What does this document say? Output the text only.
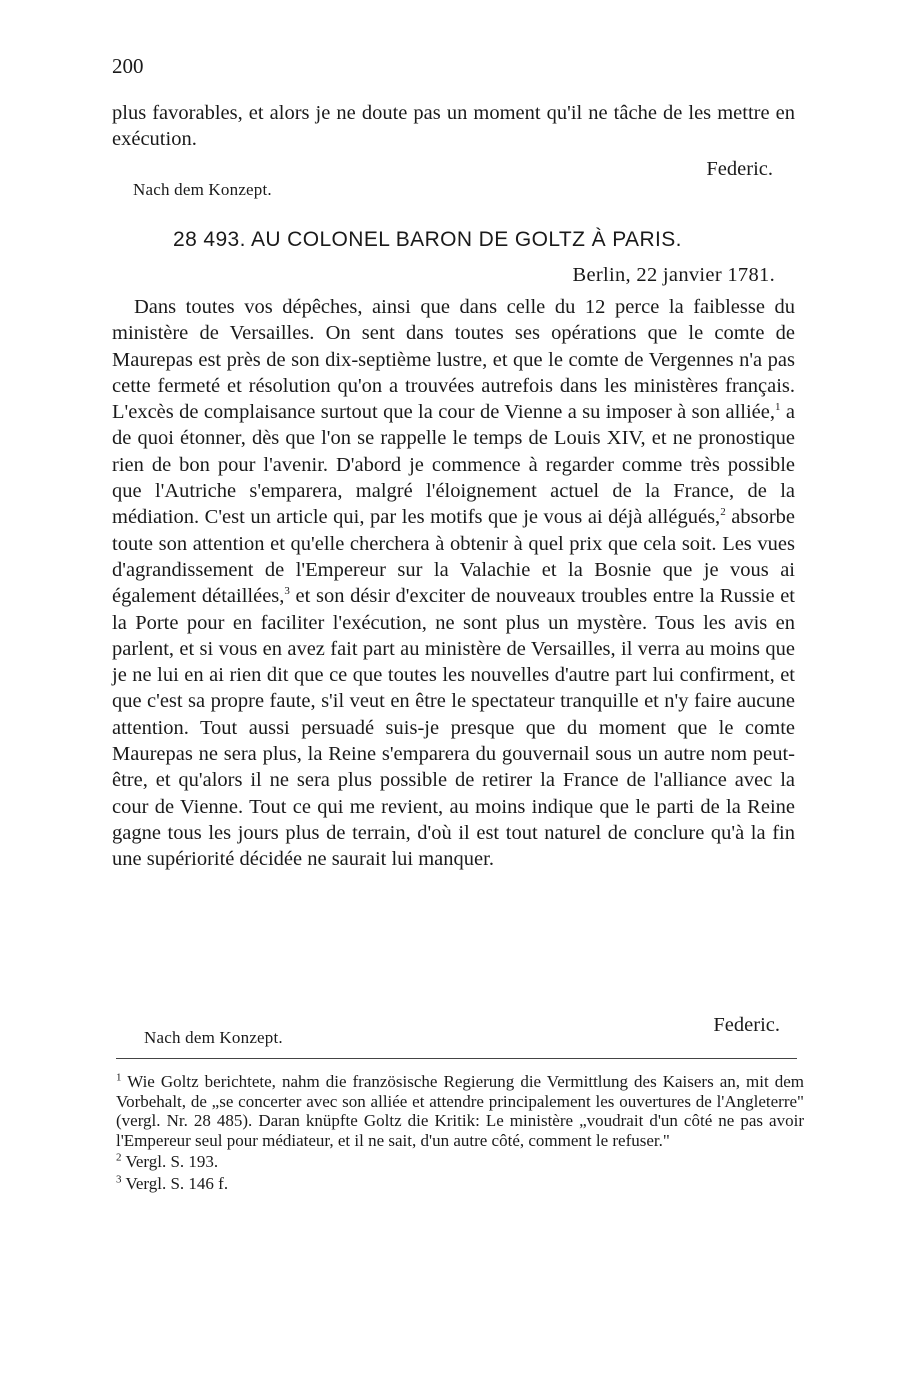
200

plus favorables, et alors je ne doute pas un moment qu'il ne tâche de les mettre en exécution.

Federic.
Nach dem Konzept.
28 493. AU COLONEL BARON DE GOLTZ À PARIS.
Berlin, 22 janvier 1781.

Dans toutes vos dépêches, ainsi que dans celle du 12 perce la faiblesse du ministère de Versailles. On sent dans toutes ses opérations que le comte de Maurepas est près de son dix-septième lustre, et que le comte de Vergennes n'a pas cette fermeté et résolution qu'on a trouvées autrefois dans les ministères français. L'excès de complaisance surtout que la cour de Vienne a su imposer à son alliée,$^1$ a de quoi étonner, dès que l'on se rappelle le temps de Louis XIV, et ne pronostique rien de bon pour l'avenir. D'abord je commence à regarder comme très possible que l'Autriche s'emparera, malgré l'éloignement actuel de la France, de la médiation. C'est un article qui, par les motifs que je vous ai déjà allégués,$^2$ absorbe toute son attention et qu'elle cherchera à obtenir à quel prix que cela soit. Les vues d'agrandissement de l'Empereur sur la Valachie et la Bosnie que je vous ai également détaillées,$^3$ et son désir d'exciter de nouveaux troubles entre la Russie et la Porte pour en faciliter l'exécution, ne sont plus un mystère. Tous les avis en parlent, et si vous en avez fait part au ministère de Versailles, il verra au moins que je ne lui en ai rien dit que ce que toutes les nouvelles d'autre part lui confirment, et que c'est sa propre faute, s'il veut en être le spectateur tranquille et n'y faire aucune attention. Tout aussi persuadé suis-je presque que du moment que le comte Maurepas ne sera plus, la Reine s'emparera du gouvernail sous un autre nom peut-être, et qu'alors il ne sera plus possible de retirer la France de l'alliance avec la cour de Vienne. Tout ce qui me revient, au moins indique que le parti de la Reine gagne tous les jours plus de terrain, d'où il est tout naturel de conclure qu'à la fin une supériorité décidée ne saurait lui manquer.

Federic.
Nach dem Konzept.

$^1$ Wie Goltz berichtete, nahm die französische Regierung die Vermittlung des Kaisers an, mit dem Vorbehalt, de „se concerter avec son alliée et attendre principalement les ouvertures de l'Angleterre" (vergl. Nr. 28 485). Daran knüpfte Goltz die Kritik: Le ministère „voudrait d'un côté ne pas avoir l'Empereur seul pour médiateur, et il ne sait, d'un autre côté, comment le refuser."

$^2$ Vergl. S. 193.

$^3$ Vergl. S. 146 f.
